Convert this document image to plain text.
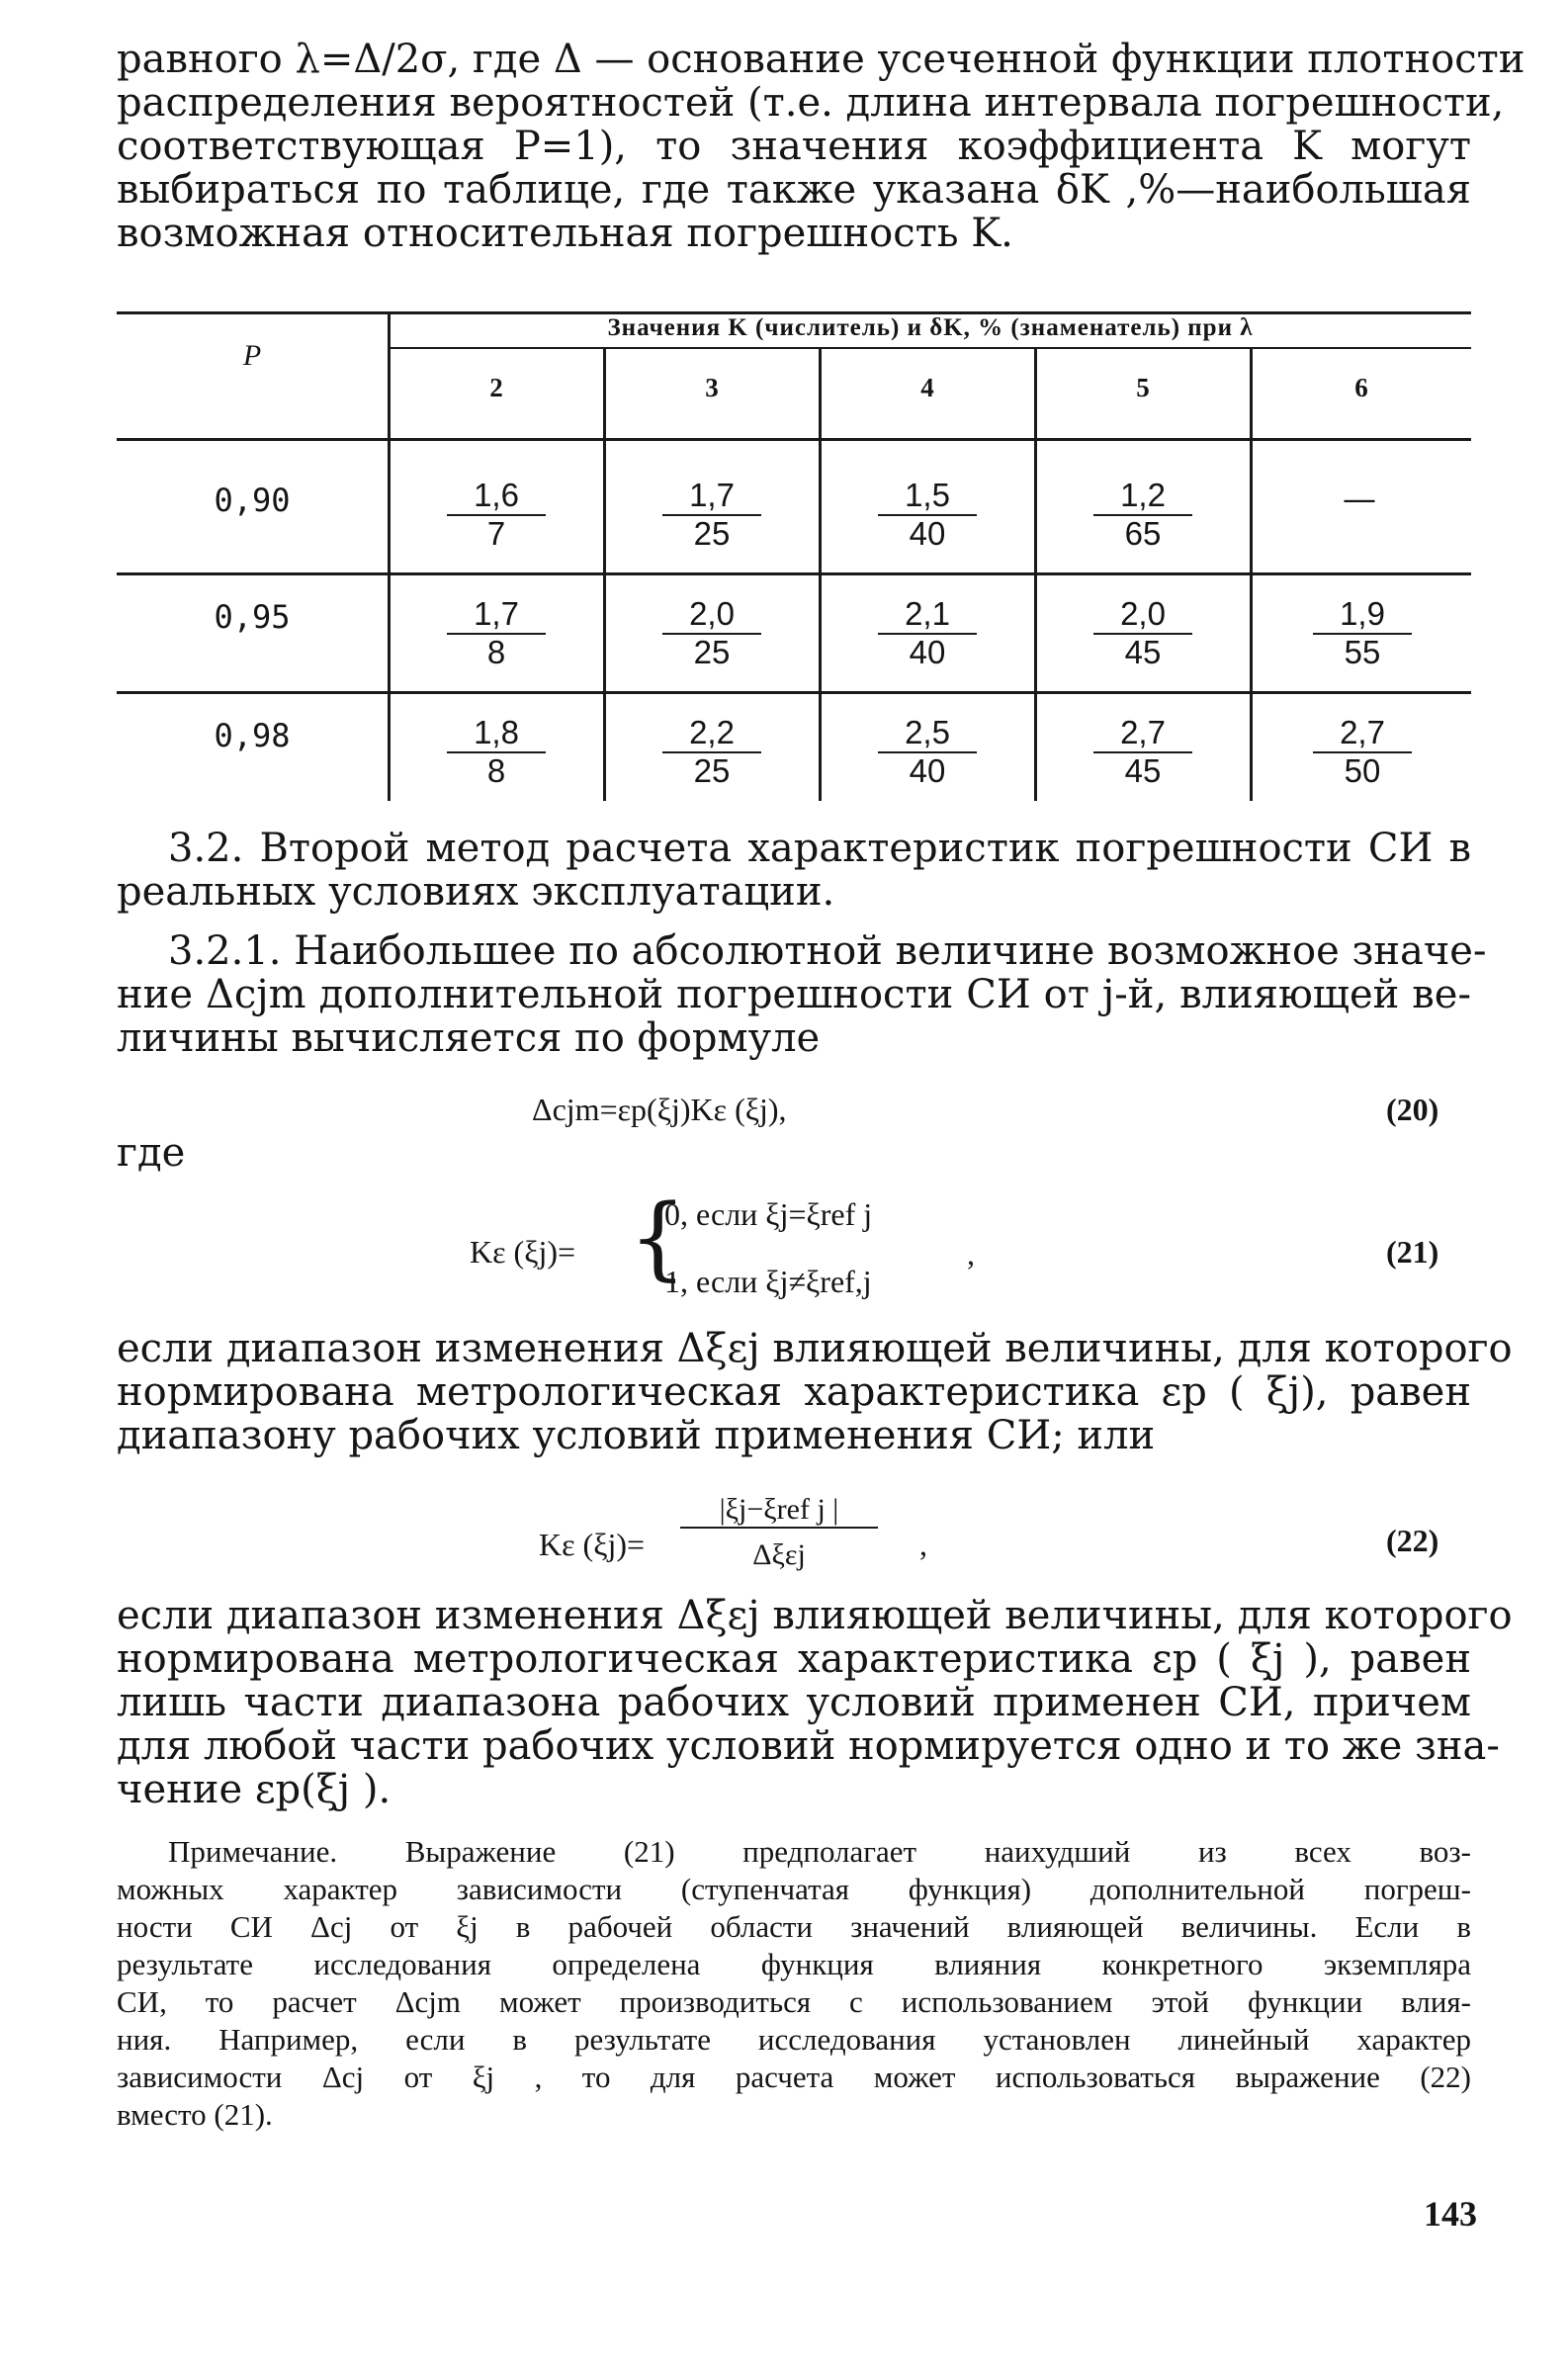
равного λ=Δ/2σ, где Δ — основание усеченной функции плотности
распределения вероятностей (т.е. длина интервала погрешности,
соответствующая P=1), то значения коэффициента K могут
выбираться по таблице, где также указана δK ,%—наибольшая
возможная относительная погрешность K.
P
Значения K (числитель) и δK, % (знаменатель) при λ
2	3	4	5	6
0,90	$\frac{1,6}{7}$	$\frac{1,7}{25}$	$\frac{1,5}{40}$	$\frac{1,2}{65}$	—
0,95	$\frac{1,7}{8}$	$\frac{2,0}{25}$	$\frac{2,1}{40}$	$\frac{2,0}{45}$	$\frac{1,9}{55}$
0,98	$\frac{1,8}{8}$	$\frac{2,2}{25}$	$\frac{2,5}{40}$	$\frac{2,7}{45}$	$\frac{2,7}{50}$
3.2. Второй метод расчета характеристик погрешности СИ в
реальных условиях эксплуатации.
3.2.1. Наибольшее по абсолютной величине возможное значе-
ние Δcjm дополнительной погрешности СИ от j-й, влияющей ве-
личины вычисляется по формуле
Δcjm=εp(ξj)Kε (ξj),	(20)
где
Kε (ξj)= {
0, если ξj=ξref j
1, если ξj≠ξref,j
,	(21)
если диапазон изменения Δξεj влияющей величины, для которого
нормирована метрологическая характеристика εp ( ξj), равен
диапазону рабочих условий применения СИ; или
Kε (ξj)=
|ξj−ξref j |
Δξεj	,	(22)
если диапазон изменения Δξεj влияющей величины, для которого
нормирована метрологическая характеристика εp ( ξj ), равен
лишь части диапазона рабочих условий применен СИ, причем
для любой части рабочих условий нормируется одно и то же зна-
чение εp(ξj ).
Примечание. Выражение (21) предполагает наихудший из всех воз-
можных характер зависимости (ступенчатая функция) дополнительной погреш-
ности СИ Δcj от ξj в рабочей области значений влияющей величины. Если в
результате исследования определена функция влияния конкретного экземпляра
СИ, то расчет Δcjm может производиться с использованием этой функции влия-
ния. Например, если в результате исследования установлен линейный характер
зависимости Δcj от ξj , то для расчета может использоваться выражение (22)
вместо (21).
143
